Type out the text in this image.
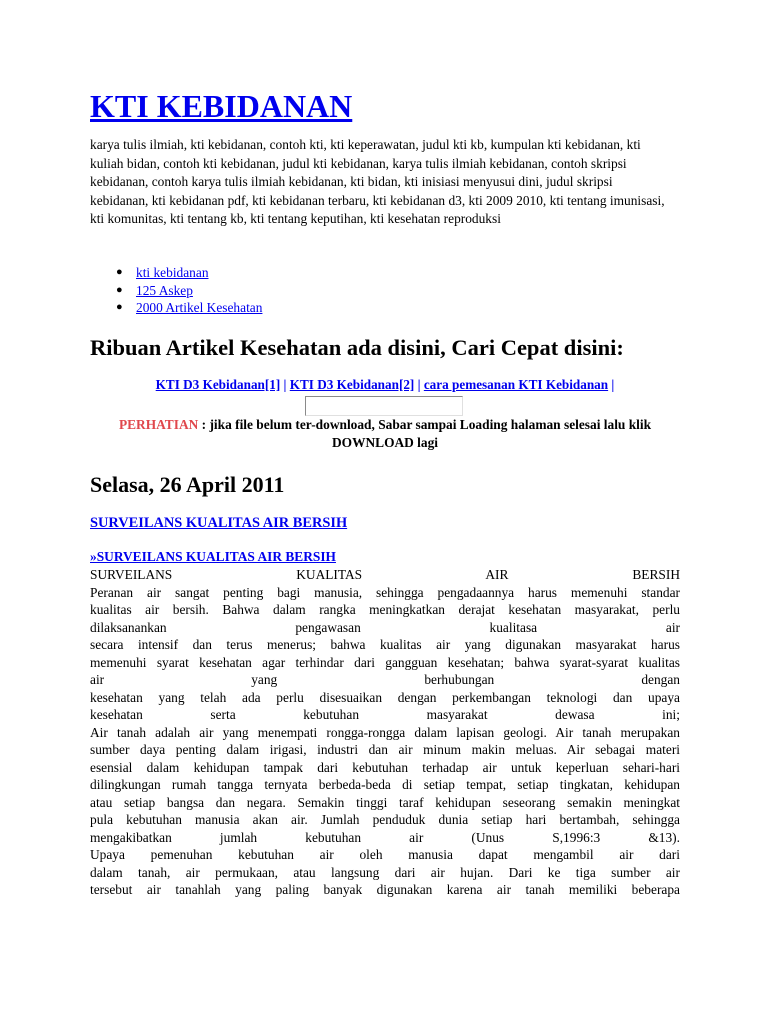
KTI KEBIDANAN

karya tulis ilmiah, kti kebidanan, contoh kti, kti keperawatan, judul kti kb, kumpulan kti kebidanan, kti kuliah bidan, contoh kti kebidanan, judul kti kebidanan, karya tulis ilmiah kebidanan, contoh skripsi kebidanan, contoh karya tulis ilmiah kebidanan, kti bidan, kti inisiasi menyusui dini, judul skripsi kebidanan, kti kebidanan pdf, kti kebidanan terbaru, kti kebidanan d3, kti 2009 2010, kti tentang imunisasi, kti komunitas, kti tentang kb, kti tentang keputihan, kti kesehatan reproduksi

● kti kebidanan
● 125 Askep
● 2000 Artikel Kesehatan
Ribuan Artikel Kesehatan ada disini, Cari Cepat disini:
KTI D3 Kebidanan[1] | KTI D3 Kebidanan[2] | cara pemesanan KTI Kebidanan |
PERHATIAN : jika file belum ter-download, Sabar sampai Loading halaman selesai lalu klik DOWNLOAD lagi
Selasa, 26 April 2011
SURVEILANS KUALITAS AIR BERSIH
»SURVEILANS KUALITAS AIR BERSIH
SURVEILANS KUALITAS AIR BERSIH
Peranan air sangat penting bagi manusia, sehingga pengadaannya harus memenuhi standar
kualitas air bersih. Bahwa dalam rangka meningkatkan derajat kesehatan masyarakat, perlu
dilaksanankan pengawasan kualitasa air
secara intensif dan terus menerus; bahwa kualitas air yang digunakan masyarakat harus
memenuhi syarat kesehatan agar terhindar dari gangguan kesehatan; bahwa syarat-syarat kualitas
air yang berhubungan dengan
kesehatan yang telah ada perlu disesuaikan dengan perkembangan teknologi dan upaya
kesehatan serta kebutuhan masyarakat dewasa ini;
Air tanah adalah air yang menempati rongga-rongga dalam lapisan geologi. Air tanah merupakan
sumber daya penting dalam irigasi, industri dan air minum makin meluas. Air sebagai materi
esensial dalam kehidupan tampak dari kebutuhan terhadap air untuk keperluan sehari-hari
dilingkungan rumah tangga ternyata berbeda-beda di setiap tempat, setiap tingkatan, kehidupan
atau setiap bangsa dan negara. Semakin tinggi taraf kehidupan seseorang semakin meningkat
pula kebutuhan manusia akan air. Jumlah penduduk dunia setiap hari bertambah, sehingga
mengakibatkan jumlah kebutuhan air (Unus S,1996:3 &13).
Upaya pemenuhan kebutuhan air oleh manusia dapat mengambil air dari
dalam tanah, air permukaan, atau langsung dari air hujan. Dari ke tiga sumber air
tersebut air tanahlah yang paling banyak digunakan karena air tanah memiliki beberapa
